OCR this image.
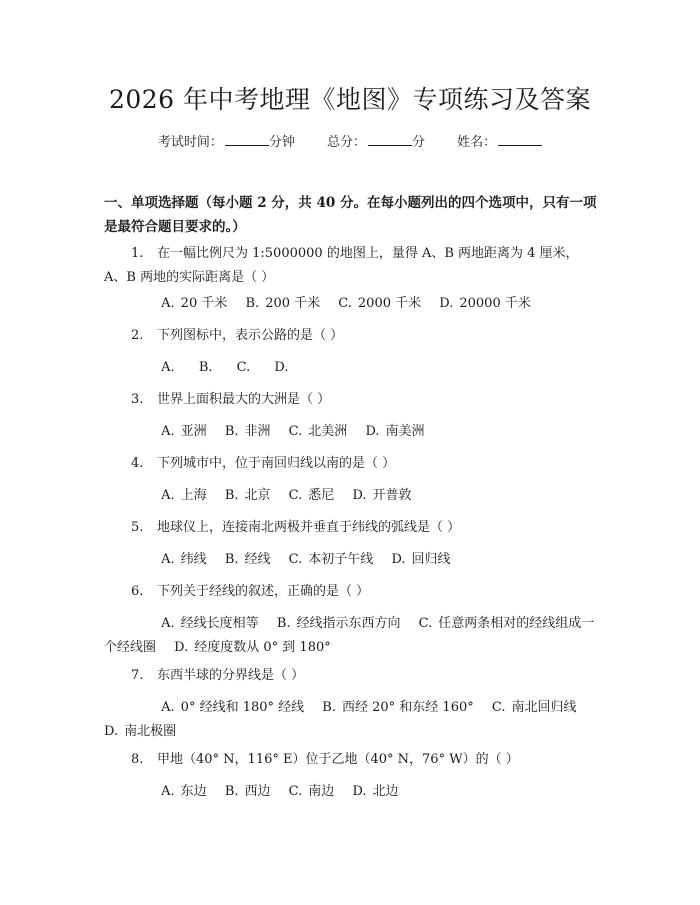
2026 年中考地理《地图》专项练习及答案
考试时间：	分钟 总分：	分 姓名：
一、单项选择题（每小题 2 分，共 40 分。在每小题列出的四个选项中，只有一项是最符合题目要求的。）
1. 在一幅比例尺为 1:5000000 的地图上，量得 A、B 两地距离为 4 厘米，A、B 两地的实际距离是（ ）
A. 20 千米 B. 200 千米 C. 2000 千米 D. 20000 千米
2. 下列图标中，表示公路的是（ ）
A. B. C. D.
3. 世界上面积最大的大洲是（ ）
A. 亚洲 B. 非洲 C. 北美洲 D. 南美洲
4. 下列城市中，位于南回归线以南的是（ ）
A. 上海 B. 北京 C. 悉尼 D. 开普敦
5. 地球仪上，连接南北两极并垂直于纬线的弧线是（ ）
A. 纬线 B. 经线 C. 本初子午线 D. 回归线
6. 下列关于经线的叙述，正确的是（ ）
A. 经线长度相等 B. 经线指示东西方向 C. 任意两条相对的经线组成一个经线圈 D. 经度度数从 0° 到 180°
7. 东西半球的分界线是（ ）
A. 0° 经线和 180° 经线 B. 西经 20° 和东经 160° C. 南北回归线 D. 南北极圈
8. 甲地（40° N，116° E）位于乙地（40° N，76° W）的（ ）
A. 东边 B. 西边 C. 南边 D. 北边
